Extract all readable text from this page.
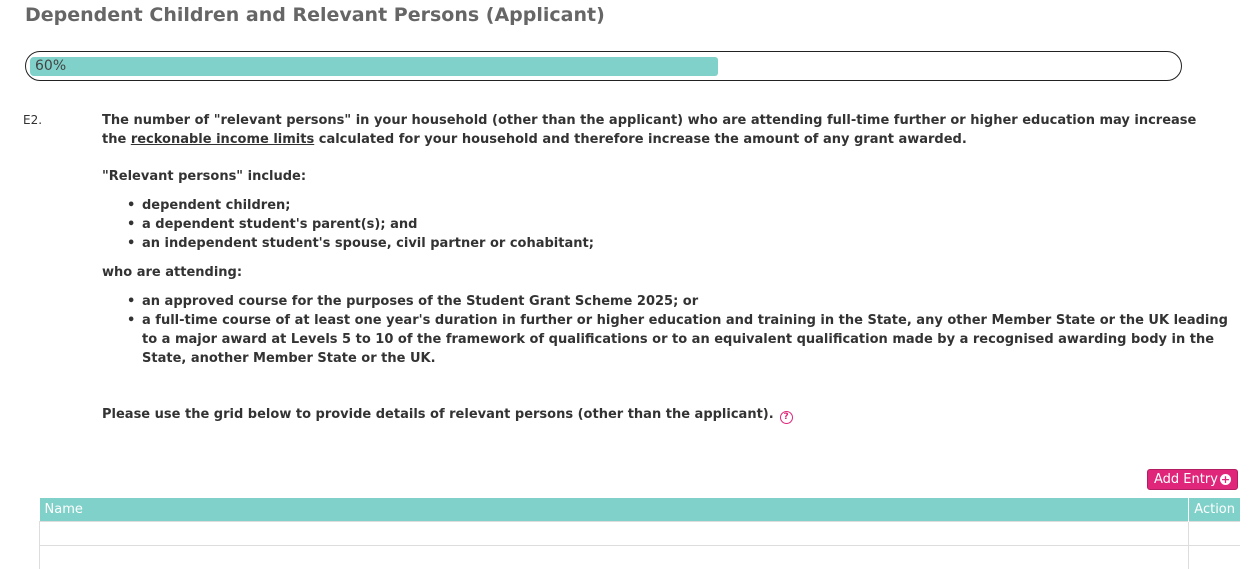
Dependent Children and Relevant Persons (Applicant)
60%
E2.	The number of "relevant persons" in your household (other than the applicant) who are attending full-time further or higher education may increase the reckonable income limits calculated for your household and therefore increase the amount of any grant awarded.

"Relevant persons" include:

• dependent children;
• a dependent student's parent(s); and
• an independent student's spouse, civil partner or cohabitant;

who are attending:

• an approved course for the purposes of the Student Grant Scheme 2025; or
• a full-time course of at least one year's duration in further or higher education and training in the State, any other Member State or the UK leading to a major award at Levels 5 to 10 of the framework of qualifications or to an equivalent qualification made by a recognised awarding body in the State, another Member State or the UK.
Please use the grid below to provide details of relevant persons (other than the applicant). ?
Add Entry +
Name	Action
